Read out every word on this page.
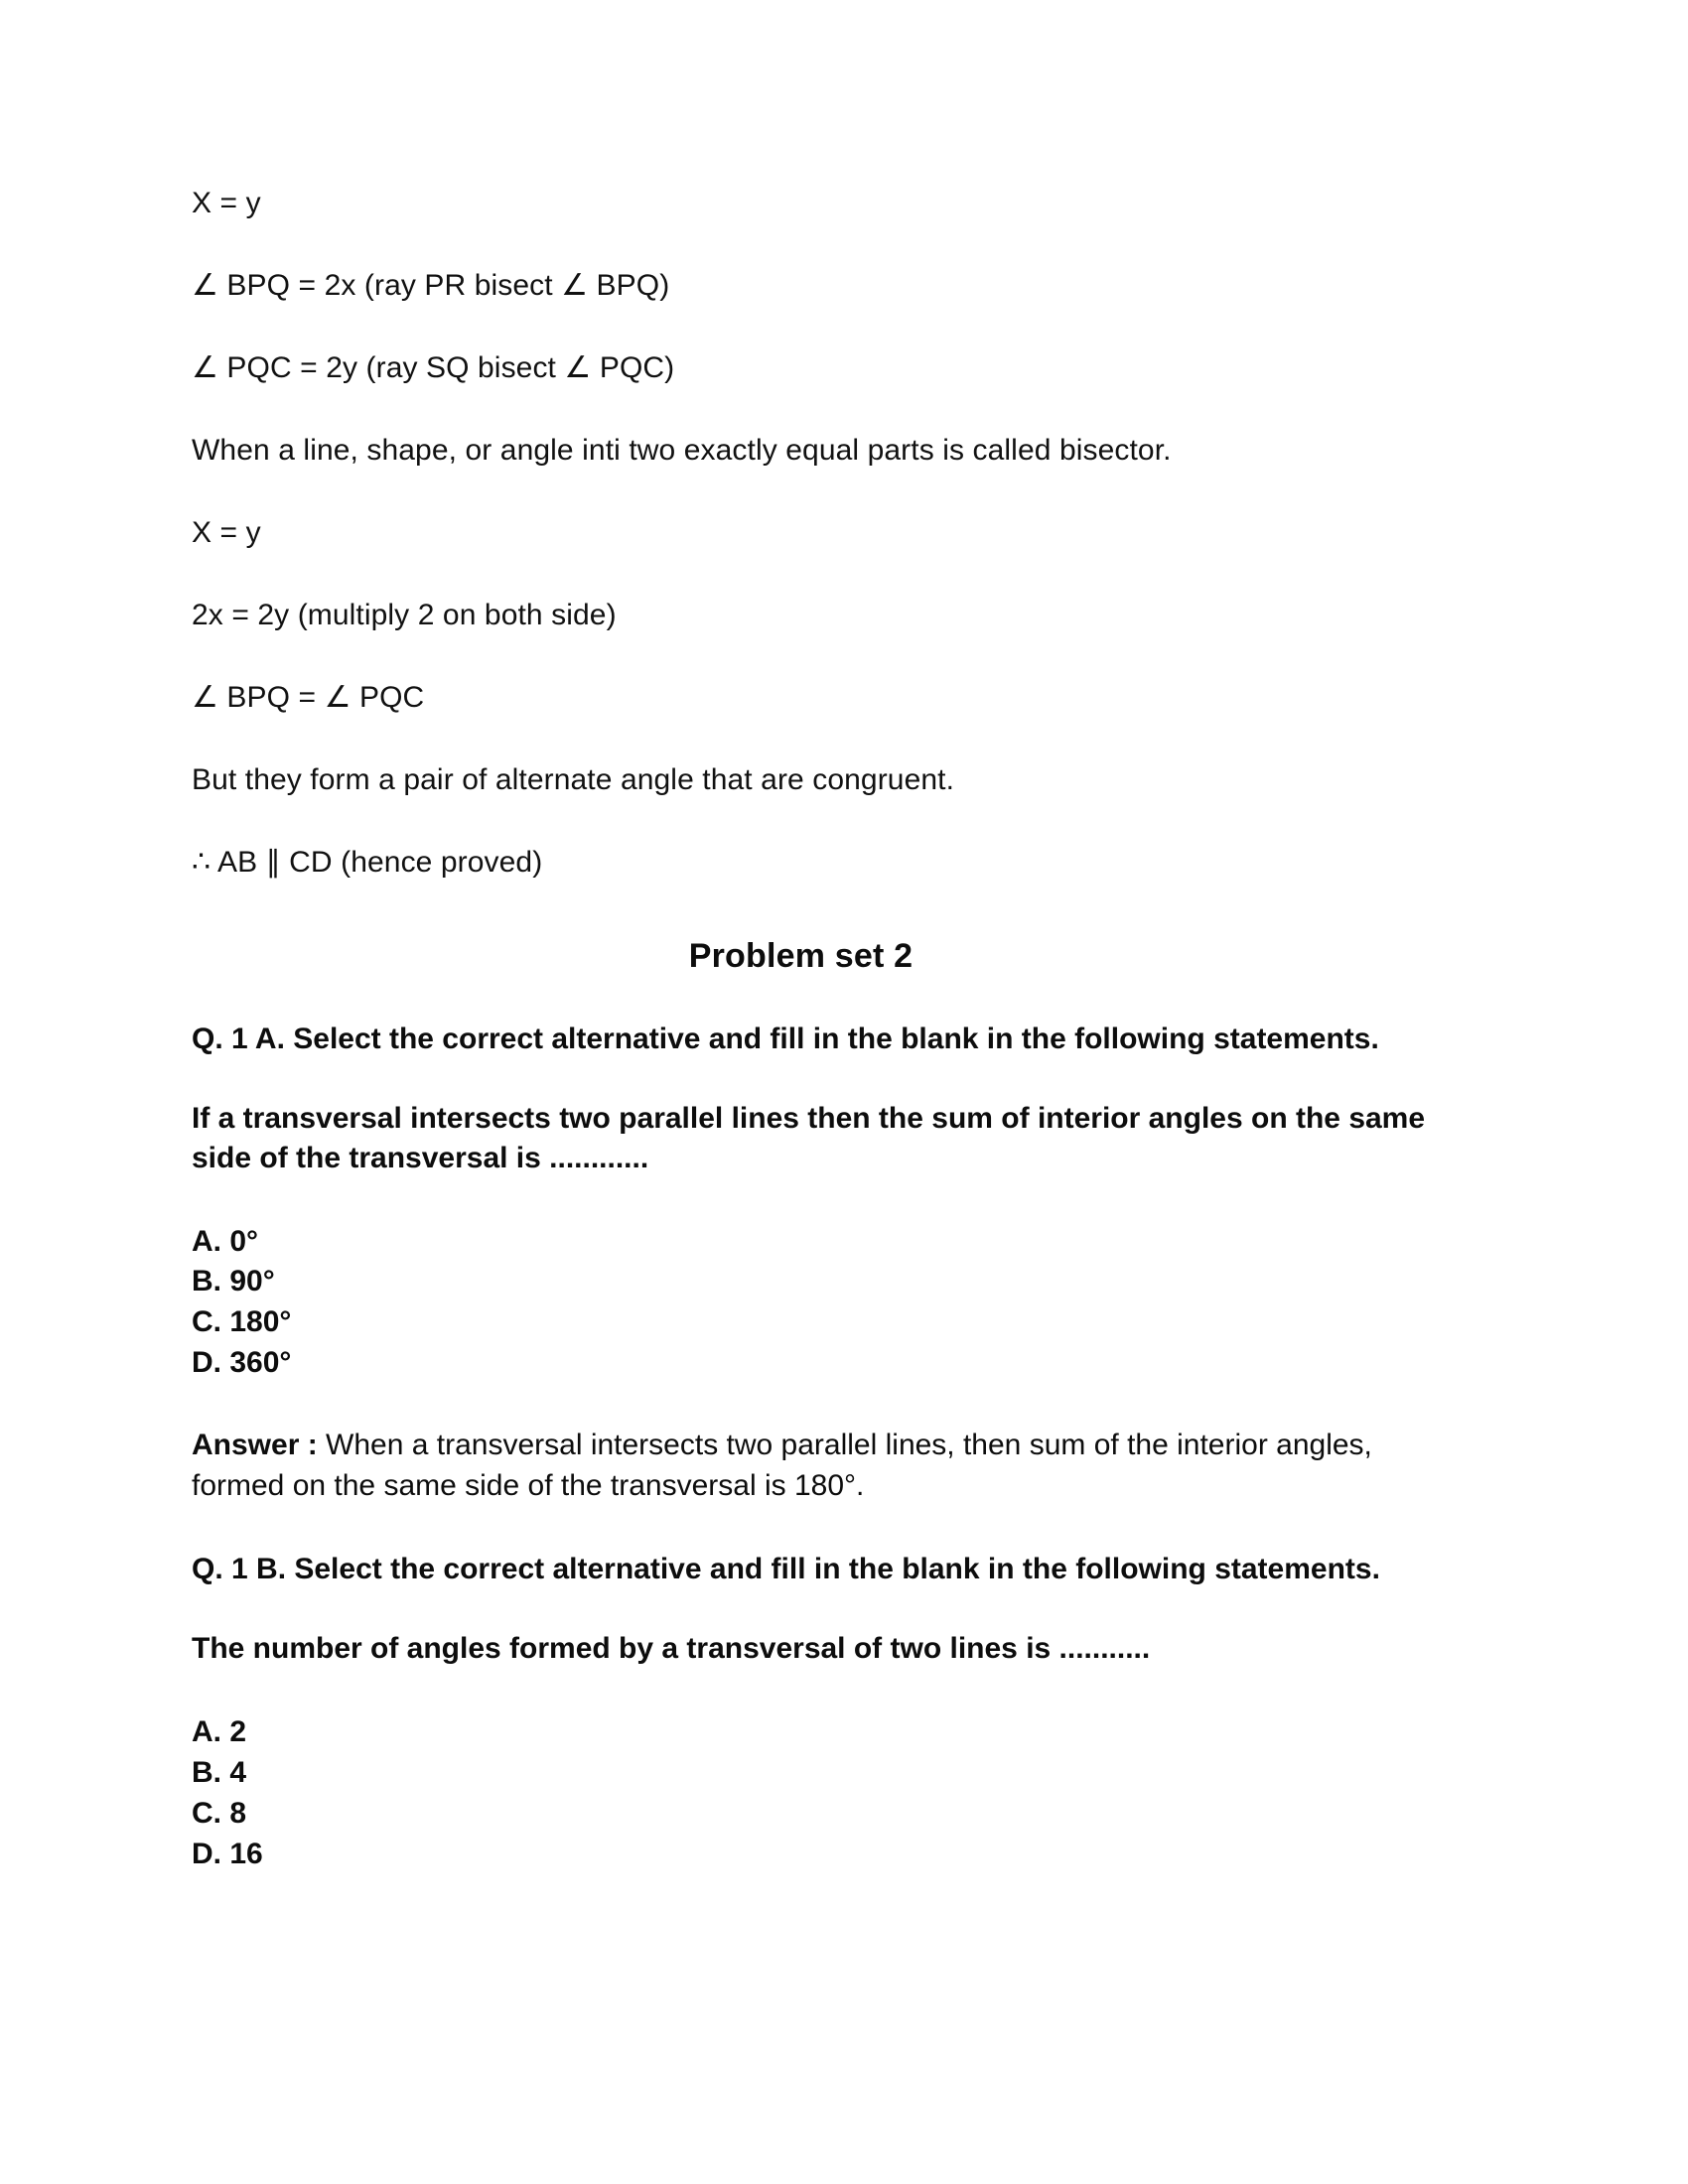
X = y

∠ BPQ = 2x (ray PR bisect ∠ BPQ)

∠ PQC = 2y (ray SQ bisect ∠ PQC)

When a line, shape, or angle inti two exactly equal parts is called bisector.

X = y

2x = 2y (multiply 2 on both side)

∠ BPQ = ∠ PQC

But they form a pair of alternate angle that are congruent.

∴ AB ∥ CD (hence proved)

Problem set 2

Q. 1 A. Select the correct alternative and fill in the blank in the following statements.

If a transversal intersects two parallel lines then the sum of interior angles on the same side of the transversal is ............

A. 0°

B. 90°

C. 180°

D. 360°

Answer : When a transversal intersects two parallel lines, then sum of the interior angles, formed on the same side of the transversal is 180°.

Q. 1 B. Select the correct alternative and fill in the blank in the following statements.

The number of angles formed by a transversal of two lines is ...........

A. 2

B. 4

C. 8

D. 16
